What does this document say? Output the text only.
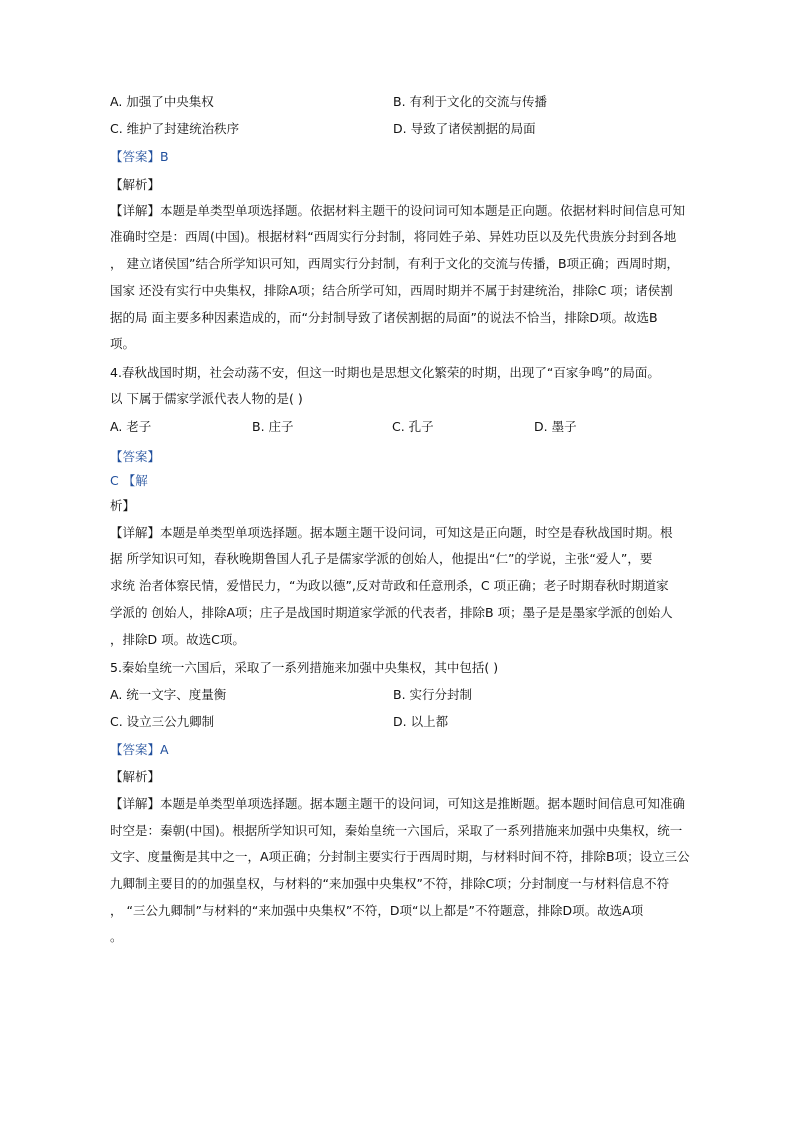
A. 加强了中央集权	B. 有利于文化的交流与传播
C. 维护了封建统治秩序	D. 导致了诸侯割据的局面
【答案】B
【解析】
【详解】本题是单类型单项选择题。依据材料主题干的设问词可知本题是正向题。依据材料时间信息可知
准确时空是：西周(中国)。根据材料“西周实行分封制，将同姓子弟、异姓功臣以及先代贵族分封到各地
， 建立诸侯国”结合所学知识可知，西周实行分封制，有利于文化的交流与传播，B项正确；西周时期，
国家 还没有实行中央集权，排除A项；结合所学可知，西周时期并不属于封建统治，排除C 项；诸侯割
据的局 面主要多种因素造成的，而“分封制导致了诸侯割据的局面”的说法不恰当，排除D项。故选B
项。
4.春秋战国时期，社会动荡不安，但这一时期也是思想文化繁荣的时期，出现了“百家争鸣”的局面。
以 下属于儒家学派代表人物的是( )
A. 老子	B. 庄子	C. 孔子	D. 墨子
【答案】
C 【解
析】
【详解】本题是单类型单项选择题。据本题主题干设问词，可知这是正向题，时空是春秋战国时期。根
据 所学知识可知，春秋晚期鲁国人孔子是儒家学派的创始人，他提出“仁”的学说，主张“爱人”，要
求统 治者体察民情，爱惜民力，“为政以德”,反对苛政和任意刑杀，C 项正确；老子时期春秋时期道家
学派的 创始人，排除A项；庄子是战国时期道家学派的代表者，排除B 项；墨子是是墨家学派的创始人
，排除D 项。故选C项。
5.秦始皇统一六国后，采取了一系列措施来加强中央集权，其中包括( )
A. 统一文字、度量衡	B. 实行分封制
C. 设立三公九卿制	D. 以上都
【答案】A
【解析】
【详解】本题是单类型单项选择题。据本题主题干的设问词，可知这是推断题。据本题时间信息可知准确
时空是：秦朝(中国)。根据所学知识可知，秦始皇统一六国后，采取了一系列措施来加强中央集权，统一
文字、度量衡是其中之一，A项正确；分封制主要实行于西周时期，与材料时间不符，排除B项；设立三公
九卿制主要目的的加强皇权，与材料的“来加强中央集权”不符，排除C项；分封制度一与材料信息不符
， “三公九卿制”与材料的“来加强中央集权”不符，D项“以上都是”不符题意，排除D项。故选A项
。
